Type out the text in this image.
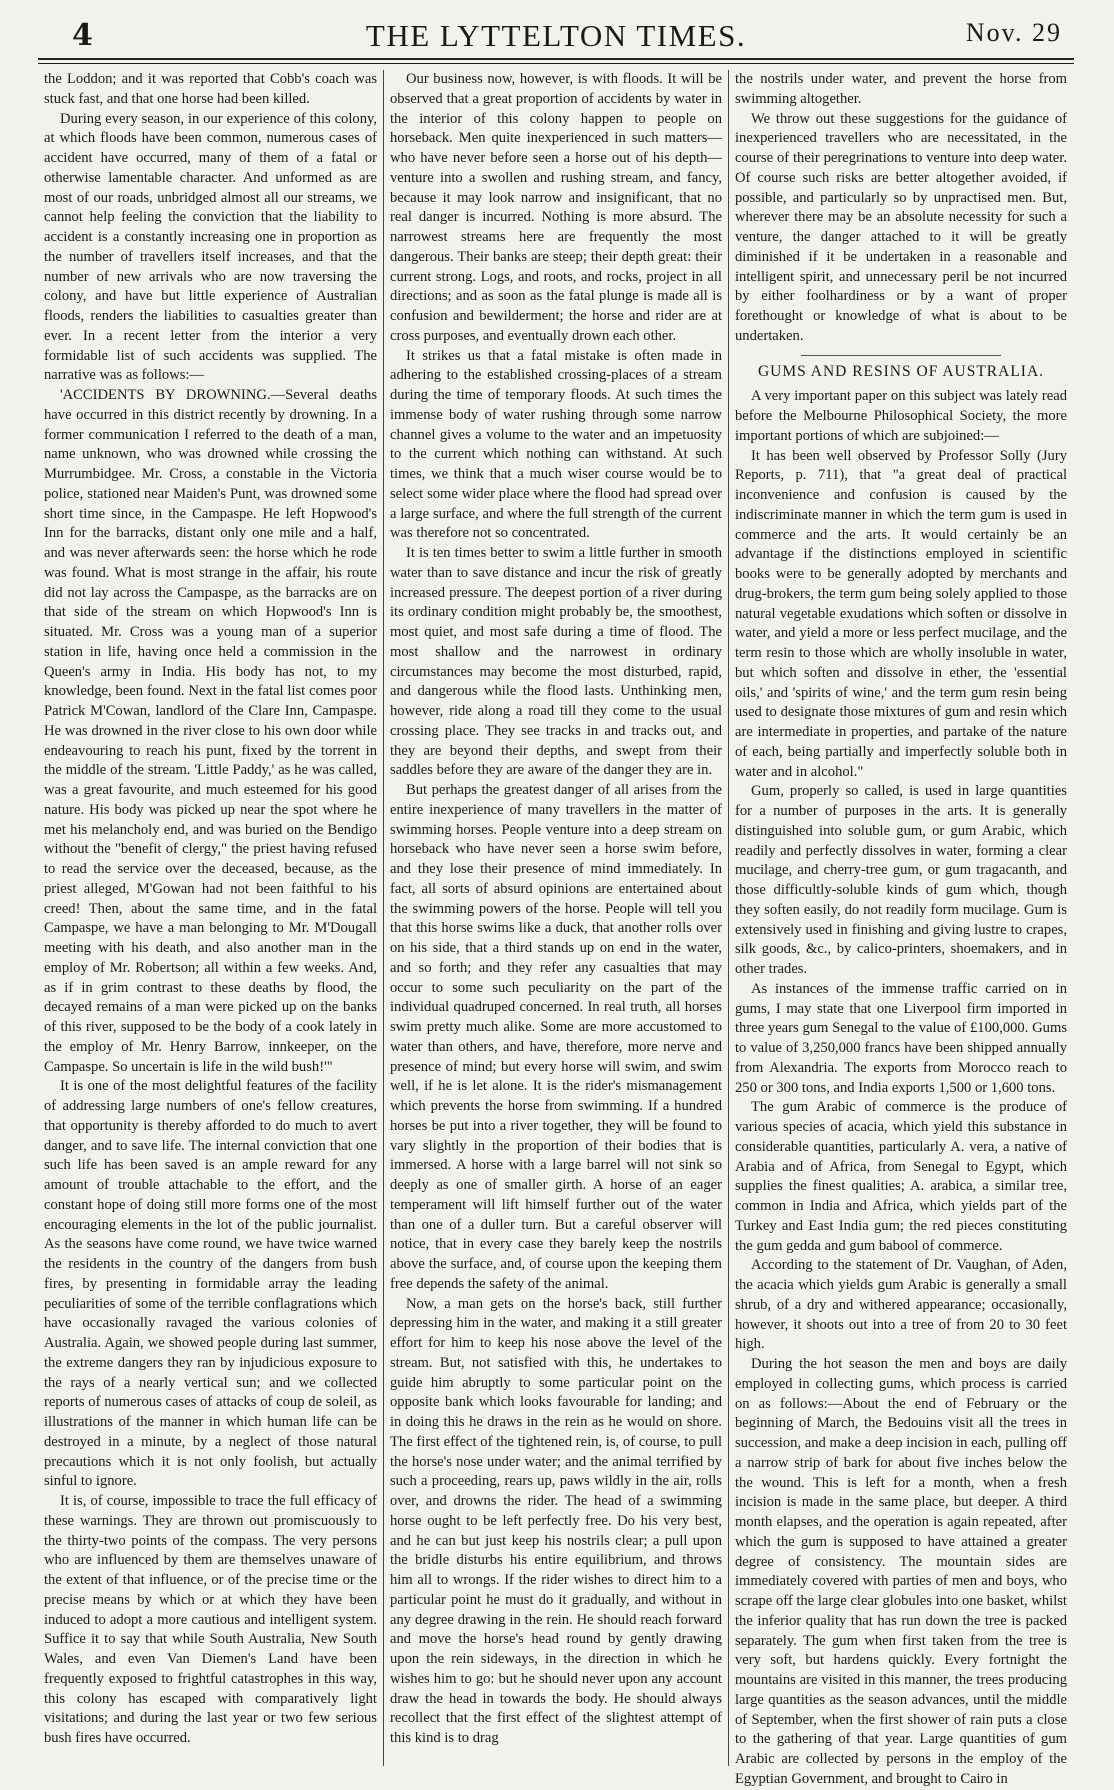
4	THE LYTTELTON TIMES.	Nov. 29

the Loddon; and it was reported that Cobb's coach was stuck fast, and that one horse had been killed.

During every season, in our experience of this colony, at which floods have been common, numerous cases of accident have occurred, many of them of a fatal or otherwise lamentable character. And unformed as are most of our roads, unbridged almost all our streams, we cannot help feeling the conviction that the liability to accident is a constantly increasing one in proportion as the number of travellers itself increases, and that the number of new arrivals who are now traversing the colony, and have but little experience of Australian floods, renders the liabilities to casualties greater than ever. In a recent letter from the interior a very formidable list of such accidents was supplied. The narrative was as follows:—

'ACCIDENTS BY DROWNING.—Several deaths have occurred in this district recently by drowning. In a former communication I referred to the death of a man, name unknown, who was drowned while crossing the Murrumbidgee. Mr. Cross, a constable in the Victoria police, stationed near Maiden's Punt, was drowned some short time since, in the Campaspe. He left Hopwood's Inn for the barracks, distant only one mile and a half, and was never afterwards seen: the horse which he rode was found. What is most strange in the affair, his route did not lay across the Campaspe, as the barracks are on that side of the stream on which Hopwood's Inn is situated. Mr. Cross was a young man of a superior station in life, having once held a commission in the Queen's army in India. His body has not, to my knowledge, been found. Next in the fatal list comes poor Patrick M'Cowan, landlord of the Clare Inn, Campaspe. He was drowned in the river close to his own door while endeavouring to reach his punt, fixed by the torrent in the middle of the stream. 'Little Paddy,' as he was called, was a great favourite, and much esteemed for his good nature. His body was picked up near the spot where he met his melancholy end, and was buried on the Bendigo without the "benefit of clergy," the priest having refused to read the service over the deceased, because, as the priest alleged, M'Gowan had not been faithful to his creed! Then, about the same time, and in the fatal Campaspe, we have a man belonging to Mr. M'Dougall meeting with his death, and also another man in the employ of Mr. Robertson; all within a few weeks. And, as if in grim contrast to these deaths by flood, the decayed remains of a man were picked up on the banks of this river, supposed to be the body of a cook lately in the employ of Mr. Henry Barrow, innkeeper, on the Campaspe. So uncertain is life in the wild bush!'"

It is one of the most delightful features of the facility of addressing large numbers of one's fellow creatures, that opportunity is thereby afforded to do much to avert danger, and to save life. The internal conviction that one such life has been saved is an ample reward for any amount of trouble attachable to the effort, and the constant hope of doing still more forms one of the most encouraging elements in the lot of the public journalist. As the seasons have come round, we have twice warned the residents in the country of the dangers from bush fires, by presenting in formidable array the leading peculiarities of some of the terrible conflagrations which have occasionally ravaged the various colonies of Australia. Again, we showed people during last summer, the extreme dangers they ran by injudicious exposure to the rays of a nearly vertical sun; and we collected reports of numerous cases of attacks of coup de soleil, as illustrations of the manner in which human life can be destroyed in a minute, by a neglect of those natural precautions which it is not only foolish, but actually sinful to ignore.

It is, of course, impossible to trace the full efficacy of these warnings. They are thrown out promiscuously to the thirty-two points of the compass. The very persons who are influenced by them are themselves unaware of the extent of that influence, or of the precise time or the precise means by which or at which they have been induced to adopt a more cautious and intelligent system. Suffice it to say that while South Australia, New South Wales, and even Van Diemen's Land have been frequently exposed to frightful catastrophes in this way, this colony has escaped with comparatively light visitations; and during the last year or two few serious bush fires have occurred.

Our business now, however, is with floods. It will be observed that a great proportion of accidents by water in the interior of this colony happen to people on horseback. Men quite inexperienced in such matters—who have never before seen a horse out of his depth—venture into a swollen and rushing stream, and fancy, because it may look narrow and insignificant, that no real danger is incurred. Nothing is more absurd. The narrowest streams here are frequently the most dangerous. Their banks are steep; their depth great: their current strong. Logs, and roots, and rocks, project in all directions; and as soon as the fatal plunge is made all is confusion and bewilderment; the horse and rider are at cross purposes, and eventually drown each other.

It strikes us that a fatal mistake is often made in adhering to the established crossing-places of a stream during the time of temporary floods. At such times the immense body of water rushing through some narrow channel gives a volume to the water and an impetuosity to the current which nothing can withstand. At such times, we think that a much wiser course would be to select some wider place where the flood had spread over a large surface, and where the full strength of the current was therefore not so concentrated.

It is ten times better to swim a little further in smooth water than to save distance and incur the risk of greatly increased pressure. The deepest portion of a river during its ordinary condition might probably be, the smoothest, most quiet, and most safe during a time of flood. The most shallow and the narrowest in ordinary circumstances may become the most disturbed, rapid, and dangerous while the flood lasts. Unthinking men, however, ride along a road till they come to the usual crossing place. They see tracks in and tracks out, and they are beyond their depths, and swept from their saddles before they are aware of the danger they are in.

But perhaps the greatest danger of all arises from the entire inexperience of many travellers in the matter of swimming horses. People venture into a deep stream on horseback who have never seen a horse swim before, and they lose their presence of mind immediately. In fact, all sorts of absurd opinions are entertained about the swimming powers of the horse. People will tell you that this horse swims like a duck, that another rolls over on his side, that a third stands up on end in the water, and so forth; and they refer any casualties that may occur to some such peculiarity on the part of the individual quadruped concerned. In real truth, all horses swim pretty much alike. Some are more accustomed to water than others, and have, therefore, more nerve and presence of mind; but every horse will swim, and swim well, if he is let alone. It is the rider's mismanagement which prevents the horse from swimming. If a hundred horses be put into a river together, they will be found to vary slightly in the proportion of their bodies that is immersed. A horse with a large barrel will not sink so deeply as one of smaller girth. A horse of an eager temperament will lift himself further out of the water than one of a duller turn. But a careful observer will notice, that in every case they barely keep the nostrils above the surface, and, of course upon the keeping them free depends the safety of the animal.

Now, a man gets on the horse's back, still further depressing him in the water, and making it a still greater effort for him to keep his nose above the level of the stream. But, not satisfied with this, he undertakes to guide him abruptly to some particular point on the opposite bank which looks favourable for landing; and in doing this he draws in the rein as he would on shore. The first effect of the tightened rein, is, of course, to pull the horse's nose under water; and the animal terrified by such a proceeding, rears up, paws wildly in the air, rolls over, and drowns the rider. The head of a swimming horse ought to be left perfectly free. Do his very best, and he can but just keep his nostrils clear; a pull upon the bridle disturbs his entire equilibrium, and throws him all to wrongs. If the rider wishes to direct him to a particular point he must do it gradually, and without in any degree drawing in the rein. He should reach forward and move the horse's head round by gently drawing upon the rein sideways, in the direction in which he wishes him to go: but he should never upon any account draw the head in towards the body. He should always recollect that the first effect of the slightest attempt of this kind is to drag

the nostrils under water, and prevent the horse from swimming altogether.

We throw out these suggestions for the guidance of inexperienced travellers who are necessitated, in the course of their peregrinations to venture into deep water. Of course such risks are better altogether avoided, if possible, and particularly so by unpractised men. But, wherever there may be an absolute necessity for such a venture, the danger attached to it will be greatly diminished if it be undertaken in a reasonable and intelligent spirit, and unnecessary peril be not incurred by either foolhardiness or by a want of proper forethought or knowledge of what is about to be undertaken.

GUMS AND RESINS OF AUSTRALIA.

A very important paper on this subject was lately read before the Melbourne Philosophical Society, the more important portions of which are subjoined:—

It has been well observed by Professor Solly (Jury Reports, p. 711), that "a great deal of practical inconvenience and confusion is caused by the indiscriminate manner in which the term gum is used in commerce and the arts. It would certainly be an advantage if the distinctions employed in scientific books were to be generally adopted by merchants and drug-brokers, the term gum being solely applied to those natural vegetable exudations which soften or dissolve in water, and yield a more or less perfect mucilage, and the term resin to those which are wholly insoluble in water, but which soften and dissolve in ether, the 'essential oils,' and 'spirits of wine,' and the term gum resin being used to designate those mixtures of gum and resin which are intermediate in properties, and partake of the nature of each, being partially and imperfectly soluble both in water and in alcohol."

Gum, properly so called, is used in large quantities for a number of purposes in the arts. It is generally distinguished into soluble gum, or gum Arabic, which readily and perfectly dissolves in water, forming a clear mucilage, and cherry-tree gum, or gum tragacanth, and those difficultly-soluble kinds of gum which, though they soften easily, do not readily form mucilage. Gum is extensively used in finishing and giving lustre to crapes, silk goods, &c., by calico-printers, shoemakers, and in other trades.

As instances of the immense traffic carried on in gums, I may state that one Liverpool firm imported in three years gum Senegal to the value of £100,000. Gums to value of 3,250,000 francs have been shipped annually from Alexandria. The exports from Morocco reach to 250 or 300 tons, and India exports 1,500 or 1,600 tons.

The gum Arabic of commerce is the produce of various species of acacia, which yield this substance in considerable quantities, particularly A. vera, a native of Arabia and of Africa, from Senegal to Egypt, which supplies the finest qualities; A. arabica, a similar tree, common in India and Africa, which yields part of the Turkey and East India gum; the red pieces constituting the gum gedda and gum babool of commerce.

According to the statement of Dr. Vaughan, of Aden, the acacia which yields gum Arabic is generally a small shrub, of a dry and withered appearance; occasionally, however, it shoots out into a tree of from 20 to 30 feet high.

During the hot season the men and boys are daily employed in collecting gums, which process is carried on as follows:—About the end of February or the beginning of March, the Bedouins visit all the trees in succession, and make a deep incision in each, pulling off a narrow strip of bark for about five inches below the the wound. This is left for a month, when a fresh incision is made in the same place, but deeper. A third month elapses, and the operation is again repeated, after which the gum is supposed to have attained a greater degree of consistency. The mountain sides are immediately covered with parties of men and boys, who scrape off the large clear globules into one basket, whilst the inferior quality that has run down the tree is packed separately. The gum when first taken from the tree is very soft, but hardens quickly. Every fortnight the mountains are visited in this manner, the trees producing large quantities as the season advances, until the middle of September, when the first shower of rain puts a close to the gathering of that year. Large quantities of gum Arabic are collected by persons in the employ of the Egyptian Government, and brought to Cairo in
